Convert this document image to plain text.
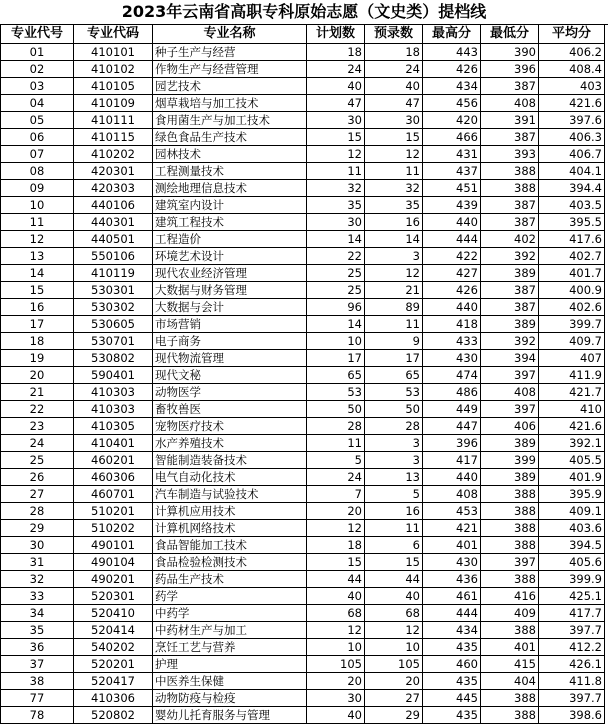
2023年云南省高职专科原始志愿（文史类）提档线
专业代号	专业代码	专业名称	计划数	预录数	最高分	最低分	平均分
01	410101	种子生产与经营	18	18	443	390	406.2
02	410102	作物生产与经营管理	24	24	426	396	408.4
03	410105	园艺技术	40	40	434	387	403
04	410109	烟草栽培与加工技术	47	47	456	408	421.6
05	410111	食用菌生产与加工技术	30	30	420	391	397.6
06	410115	绿色食品生产技术	15	15	466	387	406.3
07	410202	园林技术	12	12	431	393	406.7
08	420301	工程测量技术	11	11	437	388	404.1
09	420303	测绘地理信息技术	32	32	451	388	394.4
10	440106	建筑室内设计	35	35	439	387	403.5
11	440301	建筑工程技术	30	16	440	387	395.5
12	440501	工程造价	14	14	444	402	417.6
13	550106	环境艺术设计	22	3	422	392	402.7
14	410119	现代农业经济管理	25	12	427	389	401.7
15	530301	大数据与财务管理	25	21	426	387	400.9
16	530302	大数据与会计	96	89	440	387	402.6
17	530605	市场营销	14	11	418	389	399.7
18	530701	电子商务	10	9	433	392	409.7
19	530802	现代物流管理	17	17	430	394	407
20	590401	现代文秘	65	65	474	397	411.9
21	410303	动物医学	53	53	486	408	421.7
22	410303	畜牧兽医	50	50	449	397	410
23	410305	宠物医疗技术	28	28	447	406	421.6
24	410401	水产养殖技术	11	3	396	389	392.1
25	460201	智能制造装备技术	5	3	417	399	405.5
26	460306	电气自动化技术	24	13	440	389	401.9
27	460701	汽车制造与试验技术	7	5	408	388	395.9
28	510201	计算机应用技术	20	16	453	388	409.1
29	510202	计算机网络技术	12	11	421	388	403.6
30	490101	食品智能加工技术	18	6	401	388	394.5
31	490104	食品检验检测技术	15	15	430	397	405.6
32	490201	药品生产技术	44	44	436	388	399.9
33	520301	药学	40	40	461	416	425.1
34	520410	中药学	68	68	444	409	417.7
35	520414	中药材生产与加工	12	12	434	388	397.7
36	540202	烹饪工艺与营养	10	10	435	401	412.2
37	520201	护理	105	105	460	415	426.1
38	520417	中医养生保健	20	20	435	404	411.8
77	410306	动物防疫与检疫	30	27	445	388	397.7
78	520802	婴幼儿托育服务与管理	40	29	435	388	398.6
